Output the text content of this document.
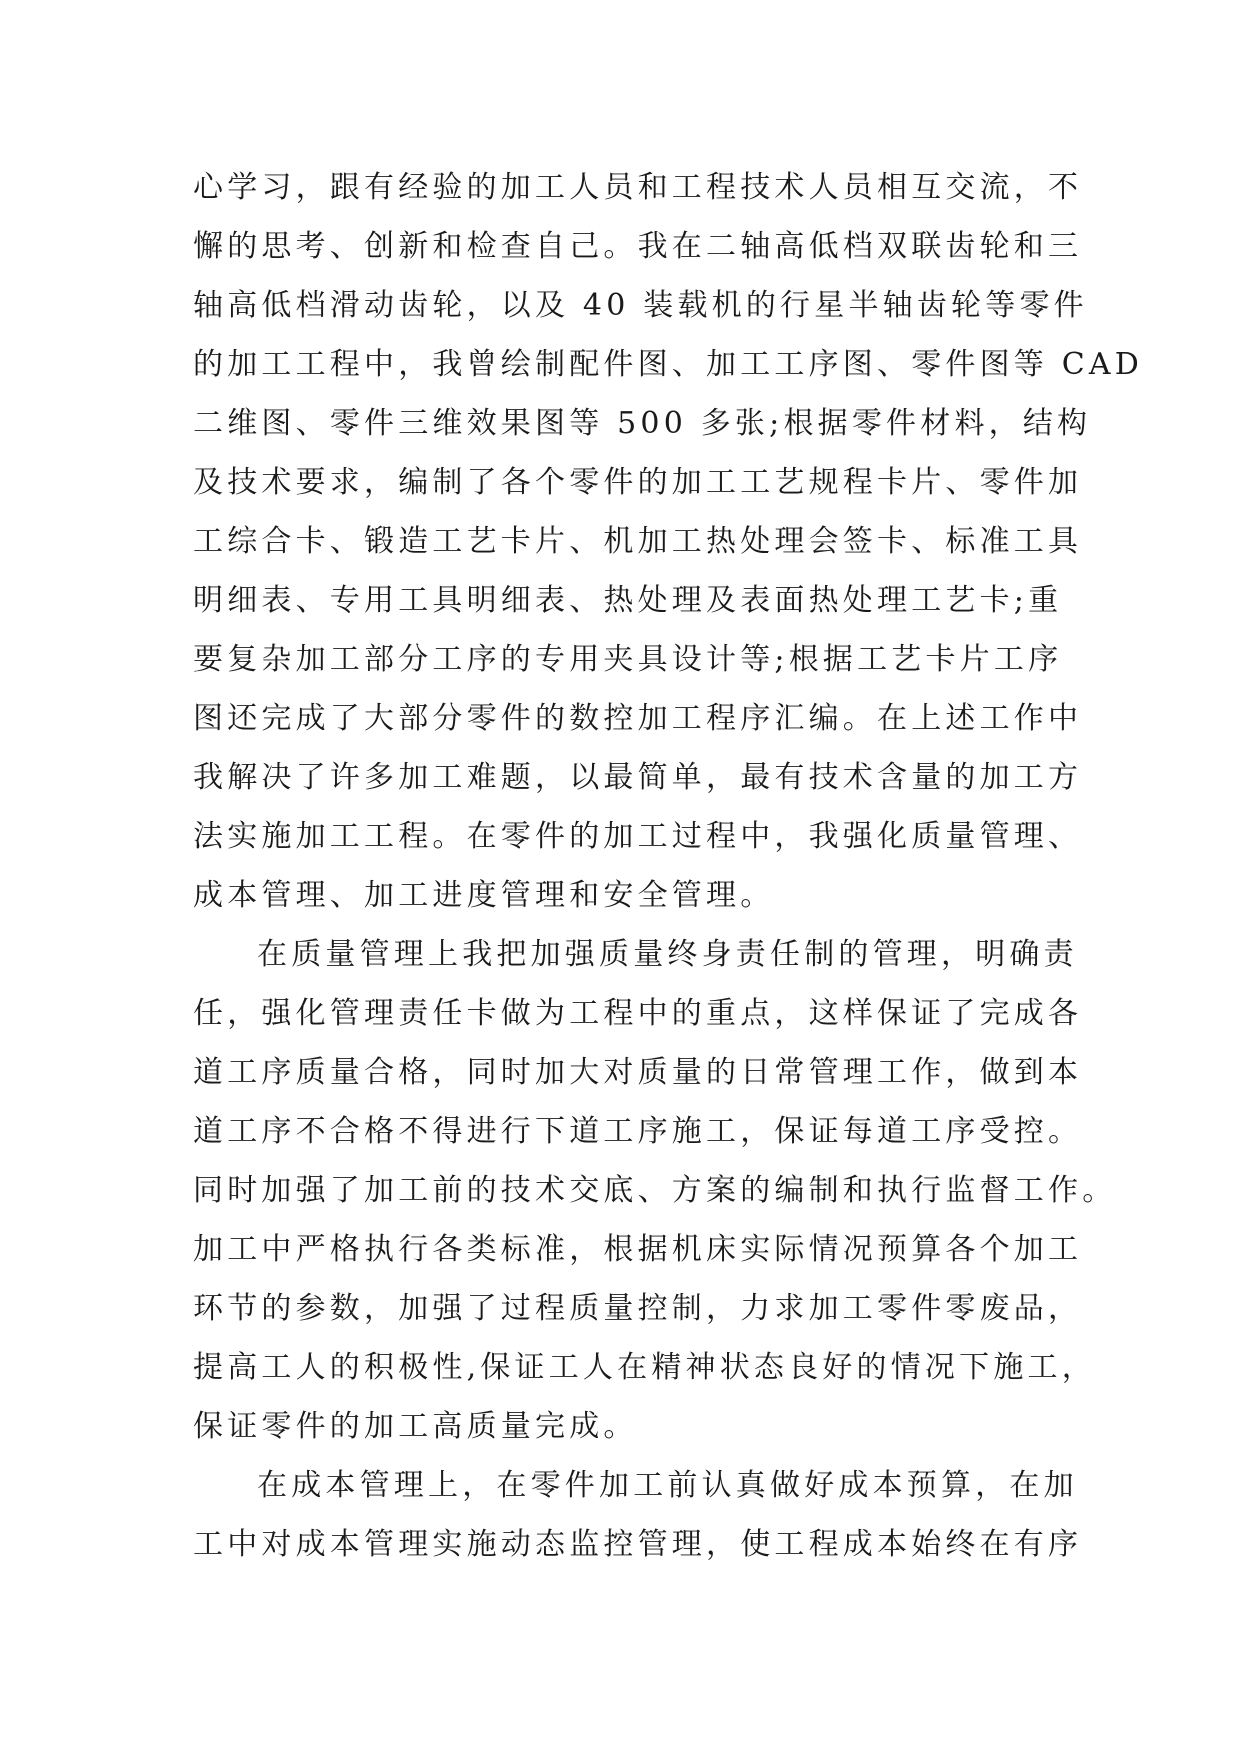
心学习，跟有经验的加工人员和工程技术人员相互交流，不
懈的思考、创新和检查自己。我在二轴高低档双联齿轮和三
轴高低档滑动齿轮，以及 40 装载机的行星半轴齿轮等零件
的加工工程中，我曾绘制配件图、加工工序图、零件图等 CAD
二维图、零件三维效果图等 500 多张;根据零件材料，结构
及技术要求，编制了各个零件的加工工艺规程卡片、零件加
工综合卡、锻造工艺卡片、机加工热处理会签卡、标准工具
明细表、专用工具明细表、热处理及表面热处理工艺卡;重
要复杂加工部分工序的专用夹具设计等;根据工艺卡片工序
图还完成了大部分零件的数控加工程序汇编。在上述工作中
我解决了许多加工难题，以最简单，最有技术含量的加工方
法实施加工工程。在零件的加工过程中，我强化质量管理、
成本管理、加工进度管理和安全管理。
在质量管理上我把加强质量终身责任制的管理，明确责
任，强化管理责任卡做为工程中的重点，这样保证了完成各
道工序质量合格，同时加大对质量的日常管理工作，做到本
道工序不合格不得进行下道工序施工，保证每道工序受控。
同时加强了加工前的技术交底、方案的编制和执行监督工作。
加工中严格执行各类标准，根据机床实际情况预算各个加工
环节的参数，加强了过程质量控制，力求加工零件零废品，
提高工人的积极性,保证工人在精神状态良好的情况下施工，
保证零件的加工高质量完成。
在成本管理上，在零件加工前认真做好成本预算，在加
工中对成本管理实施动态监控管理，使工程成本始终在有序
